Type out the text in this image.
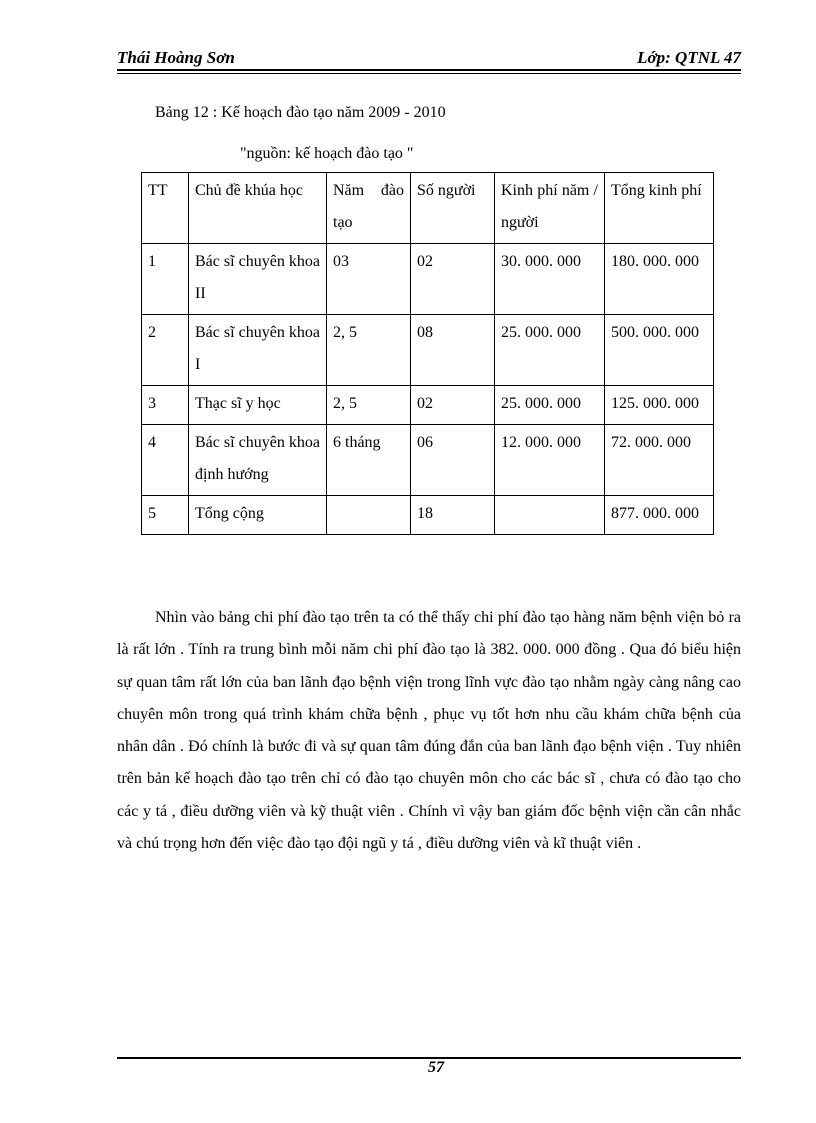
Thái Hoàng Sơn	Lớp: QTNL 47
Bảng 12 : Kế hoạch đào tạo năm 2009 - 2010
"nguồn: kế hoạch đào tạo "
TT	Chủ đề khúa học	Năm đào tạo	Số người	Kinh phí năm / người	Tổng kinh phí
1	Bác sĩ chuyên khoa II	03	02	30. 000. 000	180. 000. 000
2	Bác sĩ chuyên khoa I	2, 5	08	25. 000. 000	500. 000. 000
3	Thạc sĩ y học	2, 5	02	25. 000. 000	125. 000. 000
4	Bác sĩ chuyên khoa định hướng	6 tháng	06	12. 000. 000	72. 000. 000
5	Tổng cộng		18		877. 000. 000

Nhìn vào bảng chi phí đào tạo trên ta có thể thấy chi phí đào tạo hàng năm bệnh viện bỏ ra là rất lớn . Tính ra trung bình mỗi năm chi phí đào tạo là 382. 000. 000 đồng . Qua đó biểu hiện sự quan tâm rất lớn của ban lãnh đạo bệnh viện trong lĩnh vực đào tạo nhằm ngày càng nâng cao chuyên môn trong quá trình khám chữa bệnh , phục vụ tốt hơn nhu cầu khám chữa bệnh của nhân dân . Đó chính là bước đi và sự quan tâm đúng đắn của ban lãnh đạo bệnh viện . Tuy nhiên trên bản kế hoạch đào tạo trên chỉ có đào tạo chuyên môn cho các bác sĩ , chưa có đào tạo cho các y tá , điều dưỡng viên và kỹ thuật viên . Chính vì vậy ban giám đốc bệnh viện cần cân nhắc và chú trọng hơn đến việc đào tạo đội ngũ y tá , điều dưỡng viên và kĩ thuật viên .

57
